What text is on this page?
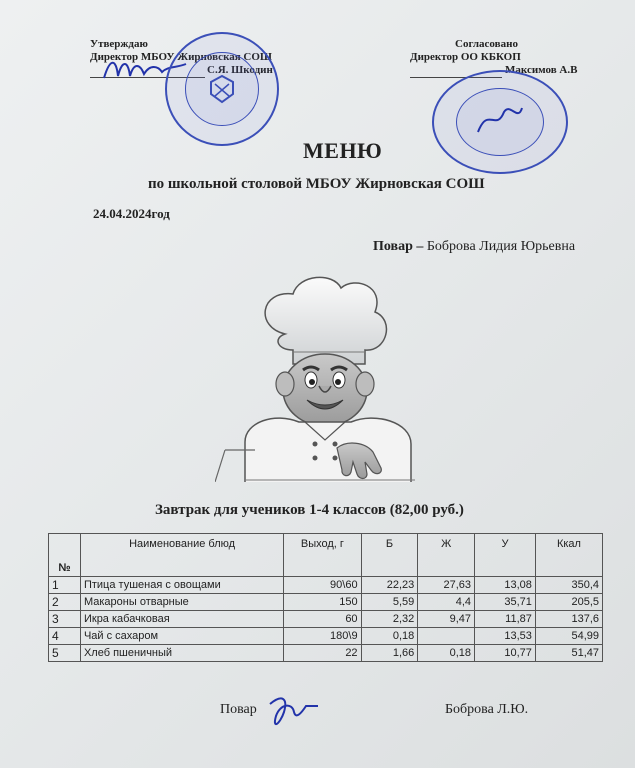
Утверждаю
Директор МБОУ Жирновская СОШ
С.Я. Шкодин
Согласовано
Директор ОО КБКОП
Максимов А.В
МЕНЮ
по школьной столовой МБОУ Жирновская СОШ
24.04.2024год
Повар – Боброва Лидия Юрьевна
Завтрак для учеников 1-4 классов (82,00 руб.)
№	Наименование блюд	Выход, г	Б	Ж	У	Ккал
1	Птица тушеная с овощами	90\60	22,23	27,63	13,08	350,4
2	Макароны отварные	150	5,59	4,4	35,71	205,5
3	Икра кабачковая	60	2,32	9,47	11,87	137,6
4	Чай с сахаром	180\9	0,18		13,53	54,99
5	Хлеб пшеничный	22	1,66	0,18	10,77	51,47
Повар	Боброва Л.Ю.
